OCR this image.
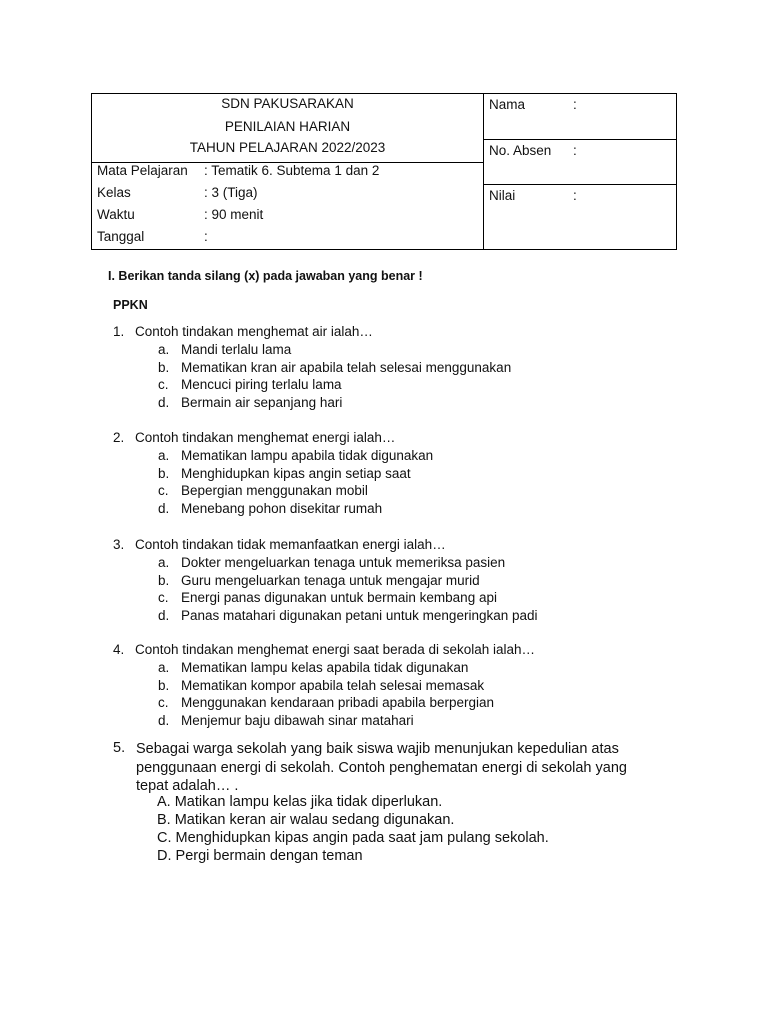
SDN PAKUSARAKAN
PENILAIAN HARIAN
TAHUN PELAJARAN 2022/2023
Mata Pelajaran : Tematik 6. Subtema 1 dan 2
Kelas	: 3 (Tiga)
Waktu	: 90 menit
Tanggal	:
Nama	:
No. Absen :
Nilai	:
I. Berikan tanda silang (x) pada jawaban yang benar !
PPKN
1. Contoh tindakan menghemat air ialah…
a. Mandi terlalu lama
b. Mematikan kran air apabila telah selesai menggunakan
c. Mencuci piring terlalu lama
d. Bermain air sepanjang hari
2. Contoh tindakan menghemat energi ialah…
a. Mematikan lampu apabila tidak digunakan
b. Menghidupkan kipas angin setiap saat
c. Bepergian menggunakan mobil
d. Menebang pohon disekitar rumah
3. Contoh tindakan tidak memanfaatkan energi ialah…
a. Dokter mengeluarkan tenaga untuk memeriksa pasien
b. Guru mengeluarkan tenaga untuk mengajar murid
c. Energi panas digunakan untuk bermain kembang api
d. Panas matahari digunakan petani untuk mengeringkan padi
4. Contoh tindakan menghemat energi saat berada di sekolah ialah…
a. Mematikan lampu kelas apabila tidak digunakan
b. Mematikan kompor apabila telah selesai memasak
c. Menggunakan kendaraan pribadi apabila berpergian
d. Menjemur baju dibawah sinar matahari
5. Sebagai warga sekolah yang baik siswa wajib menunjukan kepedulian atas penggunaan energi di sekolah. Contoh penghematan energi di sekolah yang tepat adalah… .
A. Matikan lampu kelas jika tidak diperlukan.
B. Matikan keran air walau sedang digunakan.
C. Menghidupkan kipas angin pada saat jam pulang sekolah.
D. Pergi bermain dengan teman
